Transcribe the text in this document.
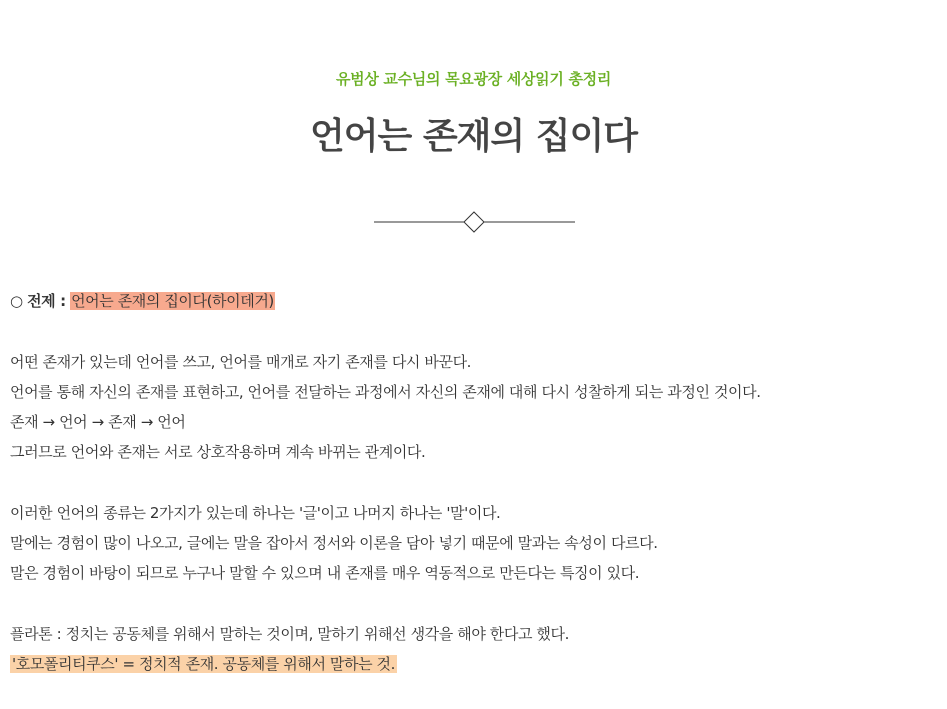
유범상 교수님의 목요광장 세상읽기 총정리
언어는 존재의 집이다
○ 전제 : 언어는 존재의 집이다(하이데거)
어떤 존재가 있는데 언어를 쓰고, 언어를 매개로 자기 존재를 다시 바꾼다.
언어를 통해 자신의 존재를 표현하고, 언어를 전달하는 과정에서 자신의 존재에 대해 다시 성찰하게 되는 과정인 것이다.
존재 → 언어 → 존재 → 언어
그러므로 언어와 존재는 서로 상호작용하며 계속 바뀌는 관계이다.
이러한 언어의 종류는 2가지가 있는데 하나는 '글'이고 나머지 하나는 '말'이다.
말에는 경험이 많이 나오고, 글에는 말을 잡아서 정서와 이론을 담아 넣기 때문에 말과는 속성이 다르다.
말은 경험이 바탕이 되므로 누구나 말할 수 있으며 내 존재를 매우 역동적으로 만든다는 특징이 있다.
플라톤 : 정치는 공동체를 위해서 말하는 것이며, 말하기 위해선 생각을 해야 한다고 했다.
'호모폴리티쿠스' = 정치적 존재. 공동체를 위해서 말하는 것.
